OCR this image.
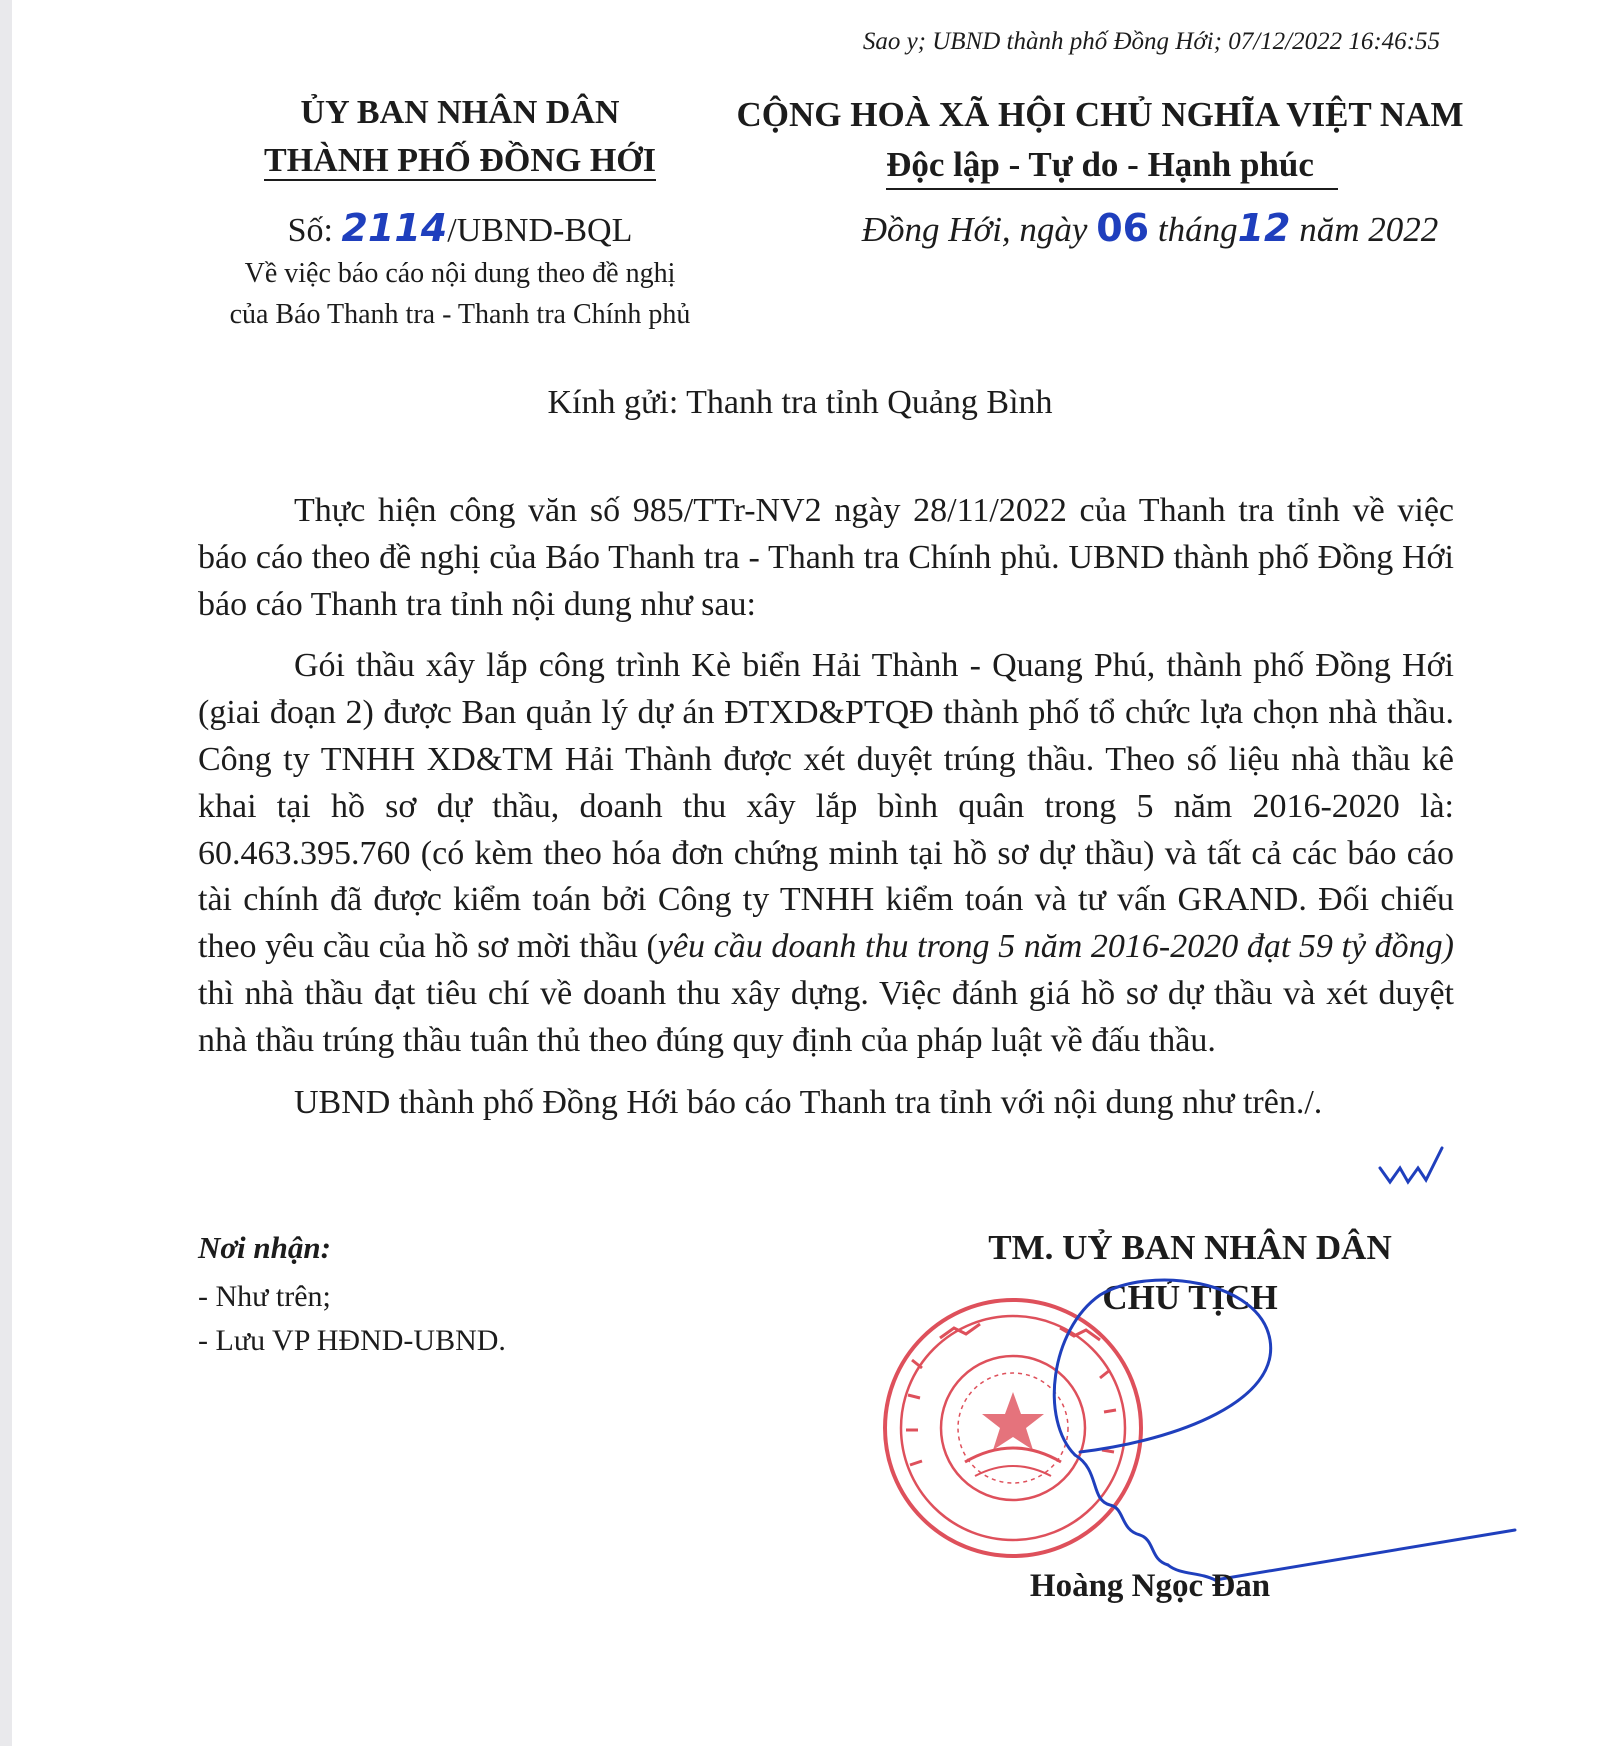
Sao y; UBND thành phố Đồng Hới; 07/12/2022 16:46:55
ỦY BAN NHÂN DÂN
THÀNH PHỐ ĐỒNG HỚI
CỘNG HOÀ XÃ HỘI CHỦ NGHĨA VIỆT NAM
Độc lập - Tự do - Hạnh phúc
Số: 2114/UBND-BQL
Về việc báo cáo nội dung theo đề nghị
của Báo Thanh tra - Thanh tra Chính phủ
Đồng Hới, ngày 06 tháng12 năm 2022
Kính gửi: Thanh tra tỉnh Quảng Bình

Thực hiện công văn số 985/TTr-NV2 ngày 28/11/2022 của Thanh tra tỉnh về việc báo cáo theo đề nghị của Báo Thanh tra - Thanh tra Chính phủ. UBND thành phố Đồng Hới báo cáo Thanh tra tỉnh nội dung như sau:

Gói thầu xây lắp công trình Kè biển Hải Thành - Quang Phú, thành phố Đồng Hới (giai đoạn 2) được Ban quản lý dự án ĐTXD&PTQĐ thành phố tổ chức lựa chọn nhà thầu. Công ty TNHH XD&TM Hải Thành được xét duyệt trúng thầu. Theo số liệu nhà thầu kê khai tại hồ sơ dự thầu, doanh thu xây lắp bình quân trong 5 năm 2016-2020 là: 60.463.395.760 (có kèm theo hóa đơn chứng minh tại hồ sơ dự thầu) và tất cả các báo cáo tài chính đã được kiểm toán bởi Công ty TNHH kiểm toán và tư vấn GRAND. Đối chiếu theo yêu cầu của hồ sơ mời thầu (yêu cầu doanh thu trong 5 năm 2016-2020 đạt 59 tỷ đồng) thì nhà thầu đạt tiêu chí về doanh thu xây dựng. Việc đánh giá hồ sơ dự thầu và xét duyệt nhà thầu trúng thầu tuân thủ theo đúng quy định của pháp luật về đấu thầu.

UBND thành phố Đồng Hới báo cáo Thanh tra tỉnh với nội dung như trên./.

Nơi nhận:
- Như trên;
- Lưu VP HĐND-UBND.
TM. UỶ BAN NHÂN DÂN
CHỦ TỊCH
Hoàng Ngọc Đan
